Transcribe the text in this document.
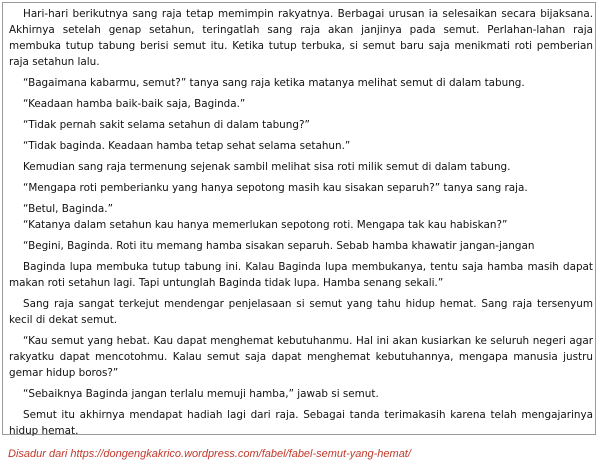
Hari-hari berikutnya sang raja tetap memimpin rakyatnya. Berbagai urusan ia selesaikan secara bijaksana. Akhirnya setelah genap setahun, teringatlah sang raja akan janjinya pada semut. Perlahan-lahan raja membuka tutup tabung berisi semut itu. Ketika tutup terbuka, si semut baru saja menikmati roti pemberian raja setahun lalu.

“Bagaimana kabarmu, semut?” tanya sang raja ketika matanya melihat semut di dalam tabung.

“Keadaan hamba baik-baik saja, Baginda.”

“Tidak pernah sakit selama setahun di dalam tabung?”

“Tidak baginda. Keadaan hamba tetap sehat selama setahun.”

Kemudian sang raja termenung sejenak sambil melihat sisa roti milik semut di dalam tabung.

“Mengapa roti pemberianku yang hanya sepotong masih kau sisakan separuh?” tanya sang raja.

“Betul, Baginda.”

“Katanya dalam setahun kau hanya memerlukan sepotong roti. Mengapa tak kau habiskan?”

“Begini, Baginda. Roti itu memang hamba sisakan separuh. Sebab hamba khawatir jangan-jangan

Baginda lupa membuka tutup tabung ini. Kalau Baginda lupa membukanya, tentu saja hamba masih dapat makan roti setahun lagi. Tapi untunglah Baginda tidak lupa. Hamba senang sekali.”

Sang raja sangat terkejut mendengar penjelasaan si semut yang tahu hidup hemat. Sang raja tersenyum kecil di dekat semut.

“Kau semut yang hebat. Kau dapat menghemat kebutuhanmu. Hal ini akan kusiarkan ke seluruh negeri agar rakyatku dapat mencotohmu. Kalau semut saja dapat menghemat kebutuhannya, mengapa manusia justru gemar hidup boros?”

“Sebaiknya Baginda jangan terlalu memuji hamba,” jawab si semut.

Semut itu akhirnya mendapat hadiah lagi dari raja. Sebagai tanda terimakasih karena telah mengajarinya hidup hemat.

Disadur dari https://dongengkakrico.wordpress.com/fabel/fabel-semut-yang-hemat/
